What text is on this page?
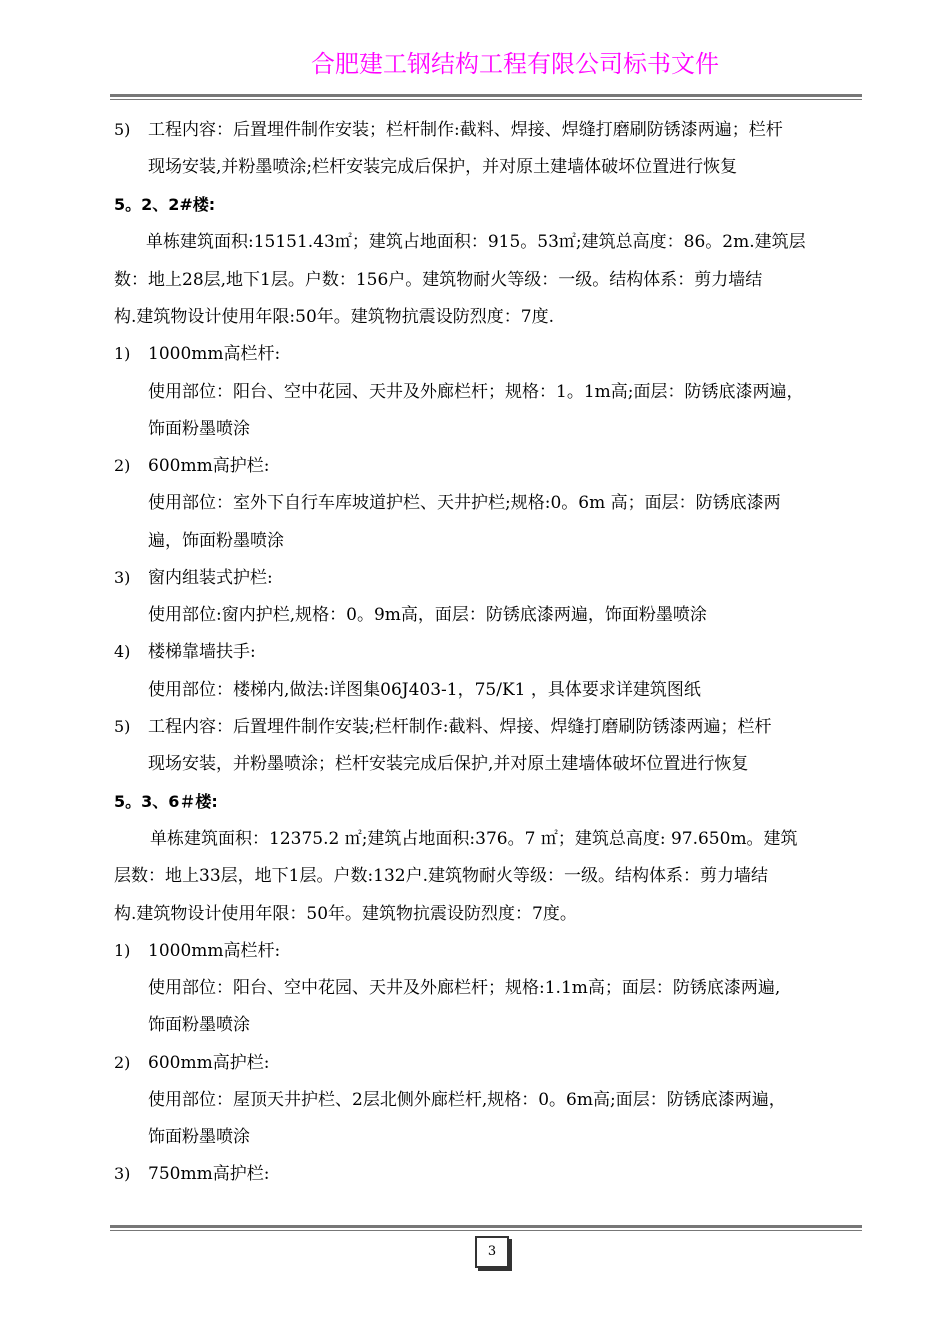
合肥建工钢结构工程有限公司标书文件
5) 工程内容：后置埋件制作安装；栏杆制作:截料、焊接、焊缝打磨刷防锈漆两遍；栏杆
现场安装,并粉墨喷涂;栏杆安装完成后保护，并对原土建墙体破坏位置进行恢复
5。2、2#楼:
单栋建筑面积:15151.43㎡；建筑占地面积：915。53㎡;建筑总高度：86。2m.建筑层
数：地上28层,地下1层。户数：156户。建筑物耐火等级：一级。结构体系：剪力墙结
构.建筑物设计使用年限:50年。建筑物抗震设防烈度：7度.
1) 1000mm高栏杆:
使用部位：阳台、空中花园、天井及外廊栏杆；规格：1。1m高;面层：防锈底漆两遍，
饰面粉墨喷涂
2) 600mm高护栏:
使用部位：室外下自行车库坡道护栏、天井护栏;规格:0。6m 高；面层：防锈底漆两
遍，饰面粉墨喷涂
3) 窗内组装式护栏:
使用部位:窗内护栏,规格：0。9m高，面层：防锈底漆两遍，饰面粉墨喷涂
4) 楼梯靠墙扶手:
使用部位：楼梯内,做法:详图集06J403-1，75/K1 ，具体要求详建筑图纸
5) 工程内容：后置埋件制作安装;栏杆制作:截料、焊接、焊缝打磨刷防锈漆两遍；栏杆
现场安装，并粉墨喷涂；栏杆安装完成后保护,并对原土建墙体破坏位置进行恢复
5。3、6＃楼:
单栋建筑面积：12375.2 ㎡;建筑占地面积:376。7 ㎡；建筑总高度: 97.650m。建筑
层数：地上33层，地下1层。户数:132户.建筑物耐火等级：一级。结构体系：剪力墙结
构.建筑物设计使用年限：50年。建筑物抗震设防烈度：7度。
1) 1000mm高栏杆:
使用部位：阳台、空中花园、天井及外廊栏杆；规格:1.1m高；面层：防锈底漆两遍,
饰面粉墨喷涂
2) 600mm高护栏:
使用部位：屋顶天井护栏、2层北侧外廊栏杆,规格：0。6m高;面层：防锈底漆两遍，
饰面粉墨喷涂
3) 750mm高护栏:
3
